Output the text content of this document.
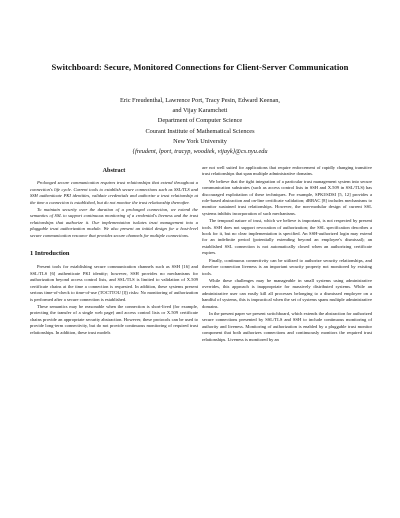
Switchboard: Secure, Monitored Connections for Client-Server Communication
Eric Freudenthal, Lawrence Port, Tracy Pesin, Edward Keenan,
and Vijay Karamcheti
Department of Computer Science
Courant Institute of Mathematical Sciences
New York University
{freudent, lport, tracyp, woodiek, vijayk}@cs.nyu.edu
Abstract

Prolonged secure communication requires trust relationships that extend throughout a connection's life cycle. Current tools to establish secure connections such as SSL/TLS and SSH authenticate PKI identities, validate credentials and authorize a trust relationship at the time a connection is established, but do not monitor the trust relationship thereafter.

To maintain security over the duration of a prolonged connection, we extend the semantics of SSL to support continuous monitoring of a credential's liveness and the trust relationships that authorize it. Our implementation isolates trust management into a pluggable trust authorization module. We also present an initial design for a host-level secure communication resource that provides secure channels for multiple connections.

1 Introduction

Present tools for establishing secure communication channels such as SSH [16] and SSL/TLS [6] authenticate PKI identity; however, SSH provides no mechanisms for authorization beyond access control lists, and SSL/TLS is limited to validation of X.509 certificate chains at the time a connection is requested. In addition, these systems present serious time-of-check to time-of-use (TOCTTOU [l]) risks: No monitoring of authorization is performed after a secure connection is established.

These semantics may be reasonable when the connection is short-lived (for example, protecting the transfer of a single web page) and access control lists or X.509 certificate chains provide an appropriate security abstraction. However, these protocols can be used to provide long-term connectivity, but do not provide continuous monitoring of required trust relationships. In addition, these trust models

are not well suited for applications that require enforcement of rapidly changing transitive trust relationships that span multiple administrative domains.

We believe that the tight integration of a particular trust management system into secure communication substrates (such as access control lists in SSH and X.509 in SSL/TLS) has discouraged exploitation of these techniques. For example, SPKI/SDSI [5, 12] provides a role-based abstraction and on-line certificate validation; dRBAC [8] includes mechanisms to monitor sustained trust relationships. However, the non-modular design of current SSL systems inhibits incorporation of such mechanisms.

The temporal nature of trust, which we believe is important, is not respected by present tools. SSH does not support revocation of authorization; the SSL specification describes a hook for it, but no clear implementation is specified. An SSH-authorized login may extend for an indefinite period (potentially extending beyond an employee's dismissal); an established SSL connection is not automatically closed when an authorizing certificate expires.

Finally, continuous connectivity can be utilized to authorize security relationships, and therefore connection liveness is an important security property not monitored by existing tools.

While these challenges may be manageable in small systems using administrative overrides, this approach is inappropriate for massively distributed systems. While an administrative user can easily kill all processes belonging to a dismissed employee on a handful of systems, this is impractical when the set of systems spans multiple administrative domains.

In the present paper we present switchboard, which extends the abstraction for authorized secure connections presented by SSL/TLS and SSH to include continuous monitoring of authority and liveness. Monitoring of authorization is enabled by a pluggable trust monitor component that both authorizes connections and continuously monitors the required trust relationships. Liveness is monitored by an
